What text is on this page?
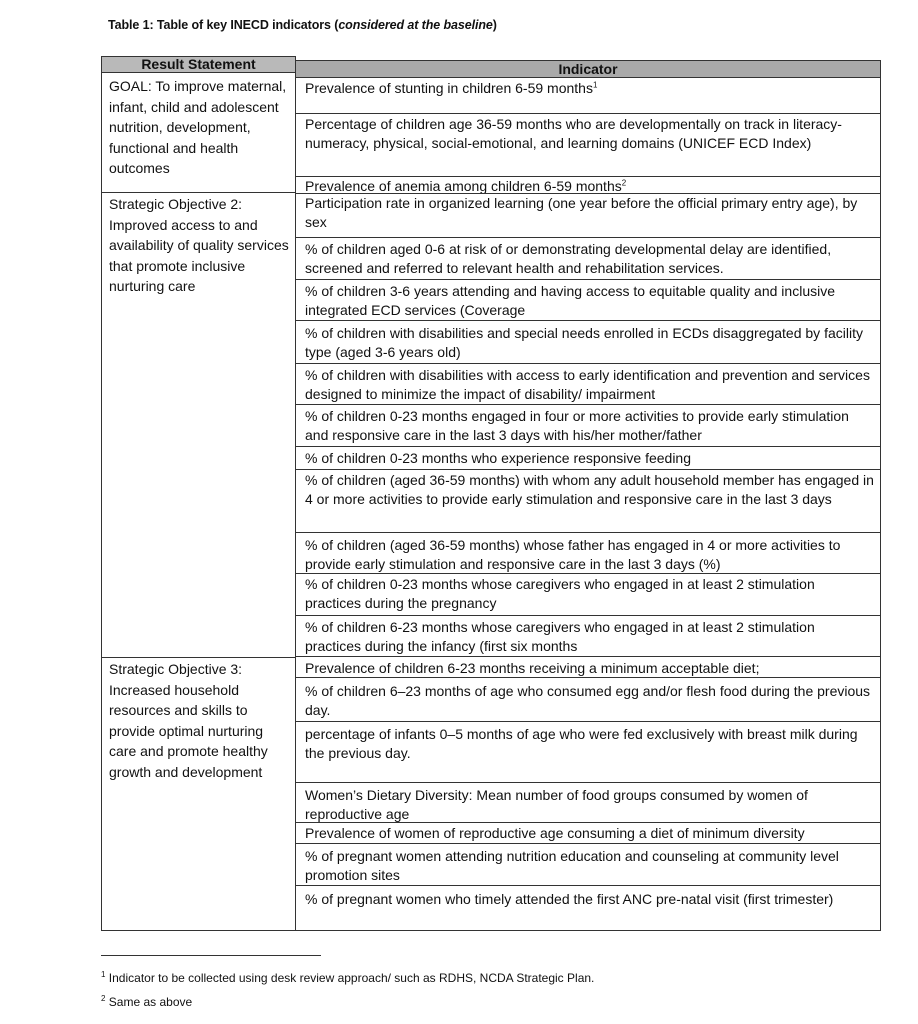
Table 1: Table of key INECD indicators (considered at the baseline)
Result Statement	Indicator
GOAL: To improve maternal, infant, child and adolescent nutrition, development, functional and health outcomes
Strategic Objective 2: Improved access to and availability of quality services that promote inclusive nurturing care
Strategic Objective 3: Increased household resources and skills to provide optimal nurturing care and promote healthy growth and development
Prevalence of stunting in children 6-59 months$^1$
Percentage of children age 36-59 months who are developmentally on track in literacy-numeracy, physical, social-emotional, and learning domains (UNICEF ECD Index)
Prevalence of anemia among children 6-59 months$^2$
Participation rate in organized learning (one year before the official primary entry age), by sex
% of children aged 0-6 at risk of or demonstrating developmental delay are identified, screened and referred to relevant health and rehabilitation services.
% of children 3-6 years attending and having access to equitable quality and inclusive integrated ECD services (Coverage
% of children with disabilities and special needs enrolled in ECDs disaggregated by facility type (aged 3-6 years old)
% of children with disabilities with access to early identification and prevention and services designed to minimize the impact of disability/ impairment
% of children 0-23 months engaged in four or more activities to provide early stimulation and responsive care in the last 3 days with his/her mother/father
% of children 0-23 months who experience responsive feeding
% of children (aged 36-59 months) with whom any adult household member has engaged in 4 or more activities to provide early stimulation and responsive care in the last 3 days
% of children (aged 36-59 months) whose father has engaged in 4 or more activities to provide early stimulation and responsive care in the last 3 days (%)
% of children 0-23 months whose caregivers who engaged in at least 2 stimulation practices during the pregnancy
% of children 6-23 months whose caregivers who engaged in at least 2 stimulation practices during the infancy (first six months
Prevalence of children 6-23 months receiving a minimum acceptable diet;
% of children 6–23 months of age who consumed egg and/or flesh food during the previous day.
percentage of infants 0–5 months of age who were fed exclusively with breast milk during the previous day.
Women’s Dietary Diversity: Mean number of food groups consumed by women of reproductive age
Prevalence of women of reproductive age consuming a diet of minimum diversity
% of pregnant women attending nutrition education and counseling at community level promotion sites
% of pregnant women who timely attended the first ANC pre-natal visit (first trimester)
$^1$ Indicator to be collected using desk review approach/ such as RDHS, NCDA Strategic Plan.
$^2$ Same as above
